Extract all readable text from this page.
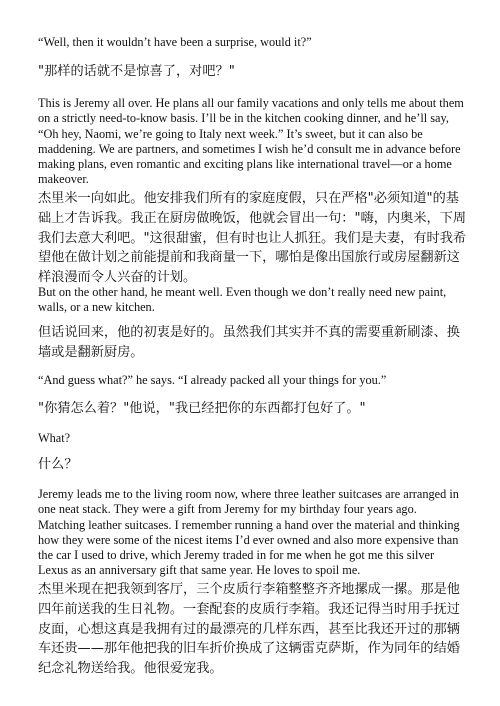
“Well, then it wouldn’t have been a surprise, would it?”

"那样的话就不是惊喜了，对吧？"

This is Jeremy all over. He plans all our family vacations and only tells me about them on a strictly need-to-know basis. I’ll be in the kitchen cooking dinner, and he’ll say, “Oh hey, Naomi, we’re going to Italy next week.” It’s sweet, but it can also be maddening. We are partners, and sometimes I wish he’d consult me in advance before making plans, even romantic and exciting plans like international travel—or a home makeover.

杰里米一向如此。他安排我们所有的家庭度假，只在严格"必须知道"的基础上才告诉我。我正在厨房做晚饭，他就会冒出一句："嗨，内奥米，下周我们去意大利吧。"这很甜蜜，但有时也让人抓狂。我们是夫妻，有时我希望他在做计划之前能提前和我商量一下，哪怕是像出国旅行或房屋翻新这样浪漫而令人兴奋的计划。

But on the other hand, he meant well. Even though we don’t really need new paint, walls, or a new kitchen.

但话说回来，他的初衷是好的。虽然我们其实并不真的需要重新刷漆、换墙或是翻新厨房。

“And guess what?” he says. “I already packed all your things for you.”

"你猜怎么着？"他说，"我已经把你的东西都打包好了。"

What?

什么？

Jeremy leads me to the living room now, where three leather suitcases are arranged in one neat stack. They were a gift from Jeremy for my birthday four years ago. Matching leather suitcases. I remember running a hand over the material and thinking how they were some of the nicest items I’d ever owned and also more expensive than the car I used to drive, which Jeremy traded in for me when he got me this silver Lexus as an anniversary gift that same year. He loves to spoil me.

杰里米现在把我领到客厅，三个皮质行李箱整整齐齐地摞成一摞。那是他四年前送我的生日礼物。一套配套的皮质行李箱。我还记得当时用手抚过皮面，心想这真是我拥有过的最漂亮的几样东西，甚至比我还开过的那辆车还贵——那年他把我的旧车折价换成了这辆雷克萨斯，作为同年的结婚纪念礼物送给我。他很爱宠我。
